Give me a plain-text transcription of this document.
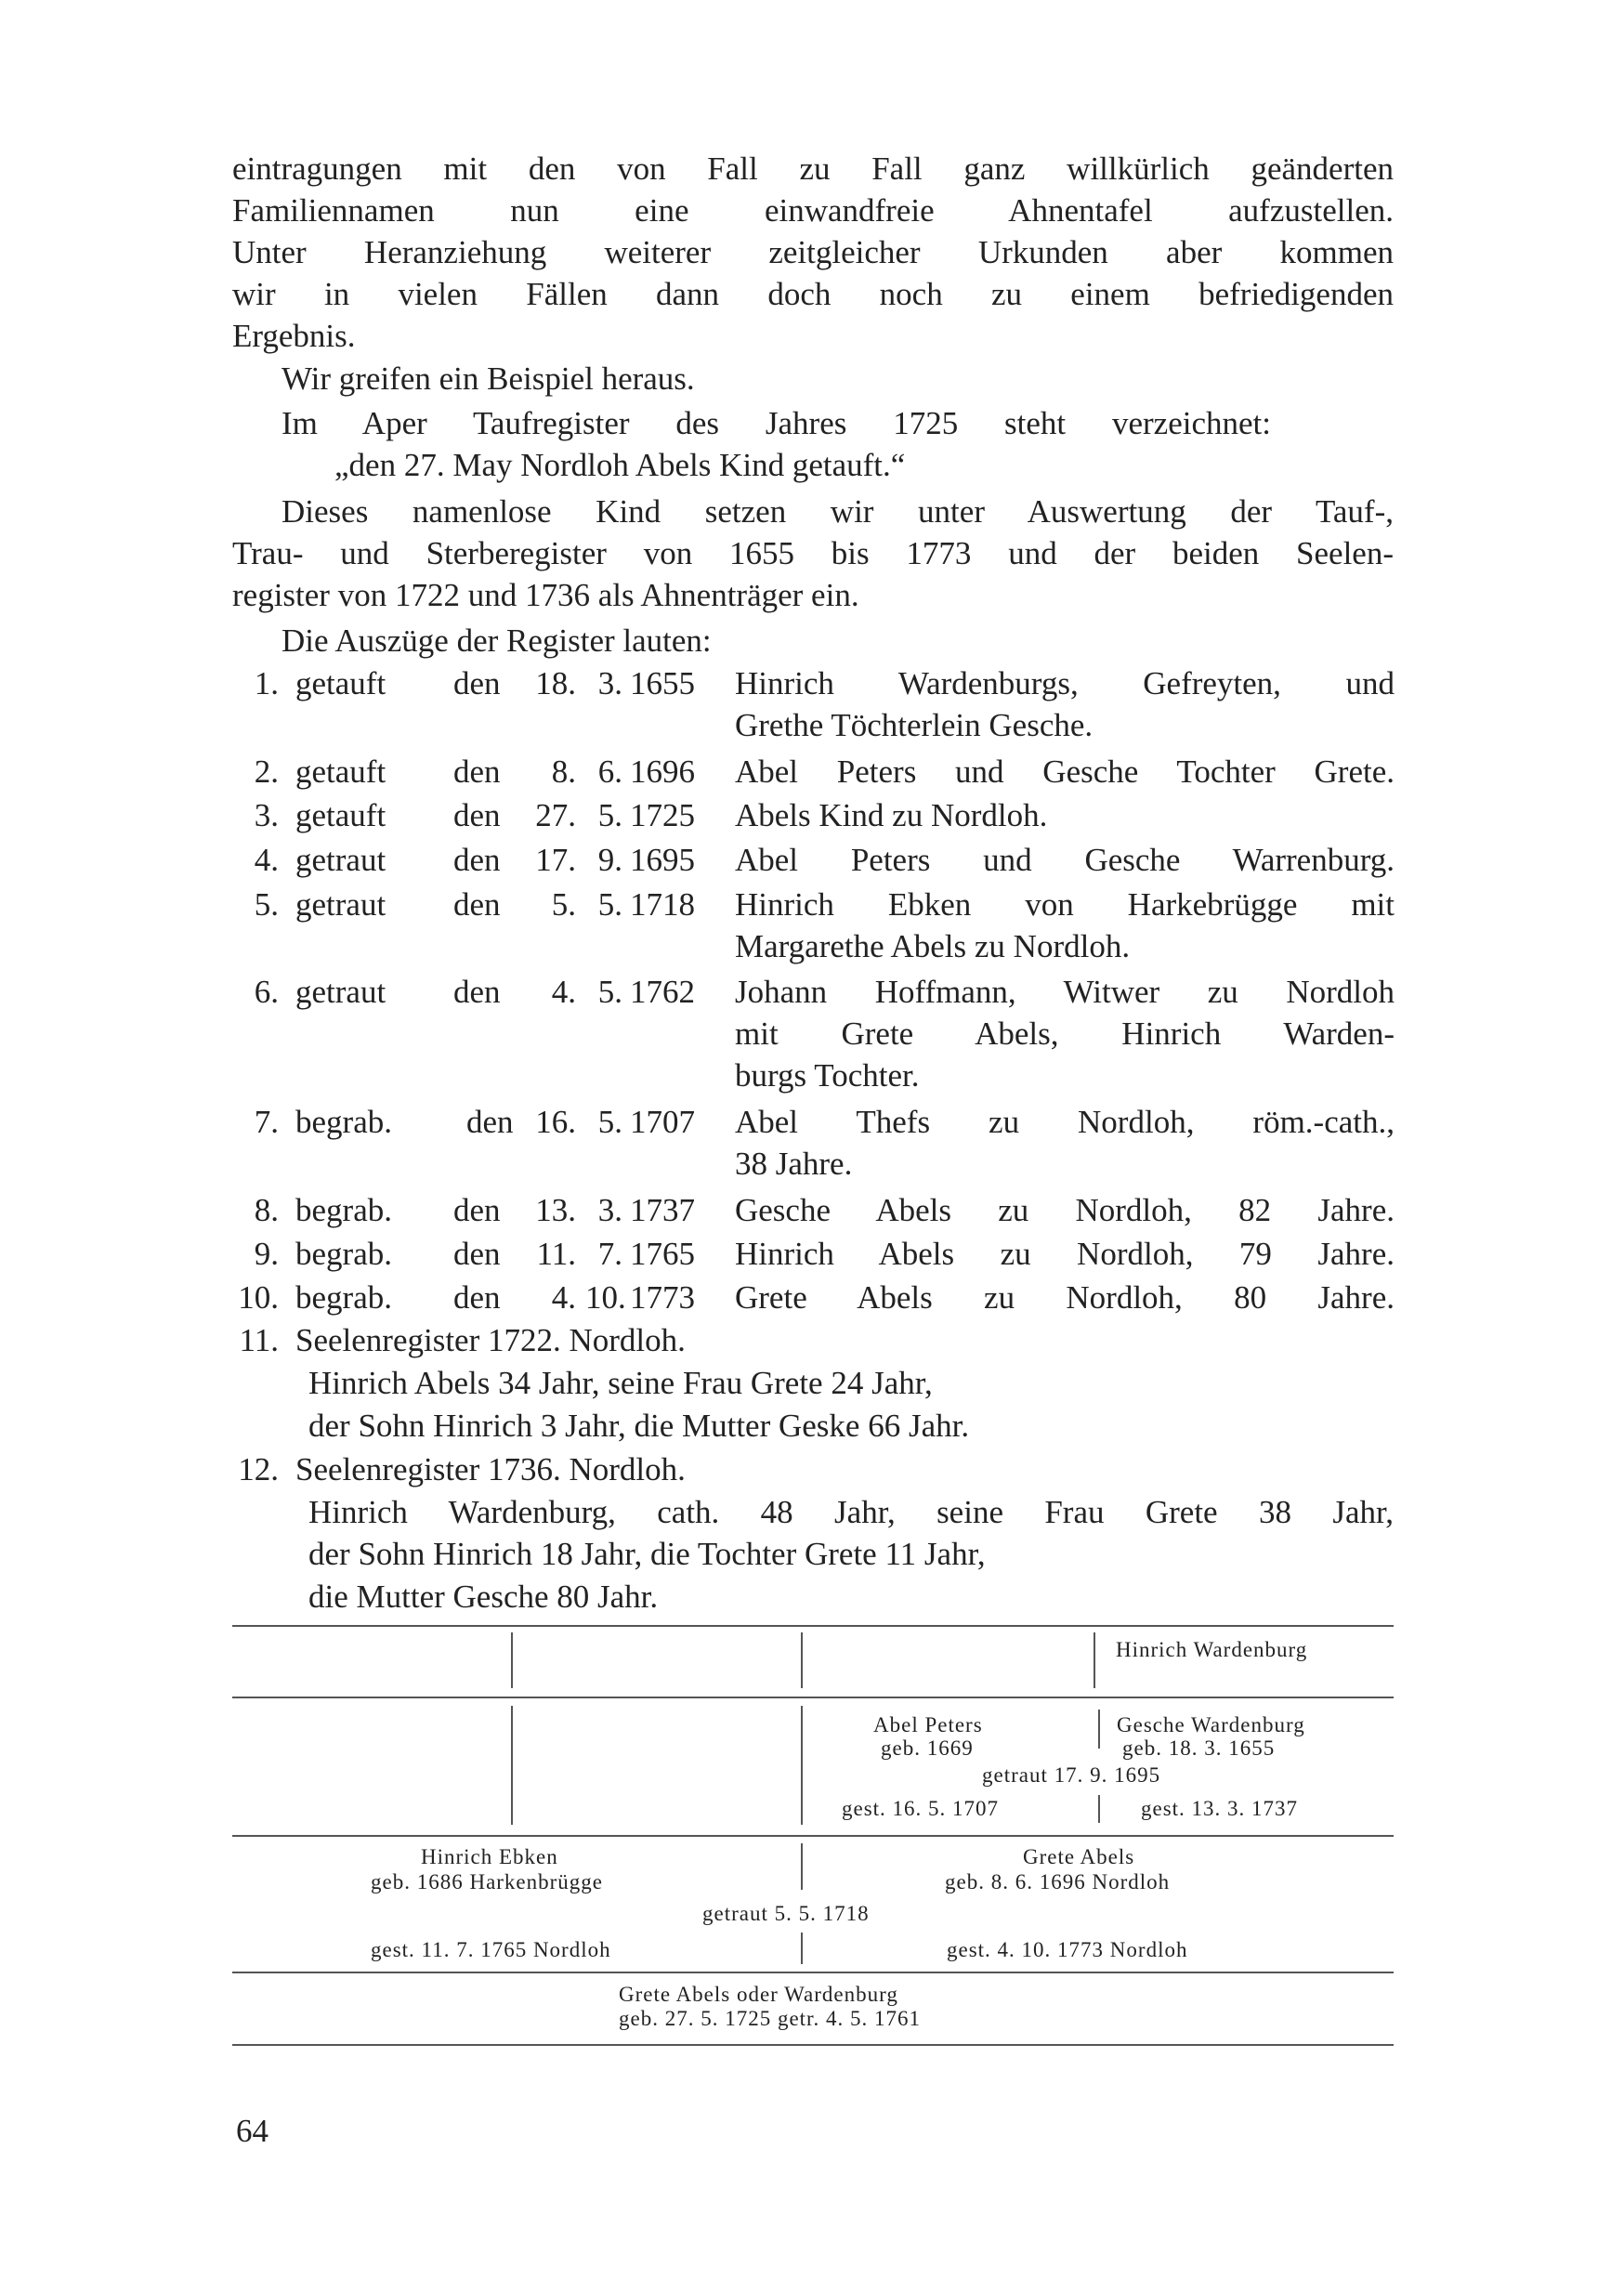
eintragungen mit den von Fall zu Fall ganz willkürlich geänderten

Familiennamen nun eine einwandfreie Ahnentafel aufzustellen.

Unter Heranziehung weiterer zeitgleicher Urkunden aber kommen

wir in vielen Fällen dann doch noch zu einem befriedigenden

Ergebnis.

Wir greifen ein Beispiel heraus.

Im Aper Taufregister des Jahres 1725 steht verzeichnet:

„den 27. May Nordloh Abels Kind getauft.“

Dieses namenlose Kind setzen wir unter Auswertung der Tauf-,

Trau- und Sterberegister von 1655 bis 1773 und der beiden Seelen-

register von 1722 und 1736 als Ahnenträger ein.

Die Auszüge der Register lauten:

1. getauft den	18. 3. 1655 Hinrich Wardenburgs, Gefreyten, und
Grethe Töchterlein Gesche.
2. getauft den	8. 6. 1696 Abel Peters und Gesche Tochter Grete.
3. getauft den	27. 5. 1725 Abels Kind zu Nordloh.
4. getraut den	17. 9. 1695 Abel Peters und Gesche Warrenburg.
5. getraut den	5. 5. 1718 Hinrich Ebken von Harkebrügge mit
Margarethe Abels zu Nordloh.
6. getraut den	4. 5. 1762 Johann Hoffmann, Witwer zu Nordloh
mit Grete Abels, Hinrich Warden-
burgs Tochter.
7. begrab. den 16. 5. 1707 Abel Thefs zu Nordloh, röm.-cath.,
38 Jahre.
8. begrab. den	13. 3. 1737 Gesche Abels zu Nordloh, 82 Jahre.
9. begrab. den	11. 7. 1765 Hinrich Abels zu Nordloh, 79 Jahre.
10. begrab. den	4. 10. 1773 Grete Abels zu Nordloh, 80 Jahre.
11. Seelenregister 1722. Nordloh.
Hinrich Abels 34 Jahr, seine Frau Grete 24 Jahr,
der Sohn Hinrich 3 Jahr, die Mutter Geske 66 Jahr.
12. Seelenregister 1736. Nordloh.
Hinrich Wardenburg, cath. 48 Jahr, seine Frau Grete 38 Jahr,
der Sohn Hinrich 18 Jahr, die Tochter Grete 11 Jahr,
die Mutter Gesche 80 Jahr.
Hinrich Wardenburg
Abel Peters
geb. 1669
Gesche Wardenburg
geb. 18. 3. 1655
getraut 17. 9. 1695
gest. 16. 5. 1707	gest. 13. 3. 1737
Hinrich Ebken
geb. 1686 Harkenbrügge
Grete Abels
geb. 8. 6. 1696 Nordloh
getraut 5. 5. 1718
gest. 11. 7. 1765 Nordloh	gest. 4. 10. 1773 Nordloh
Grete Abels oder Wardenburg
geb. 27. 5. 1725 getr. 4. 5. 1761
64
